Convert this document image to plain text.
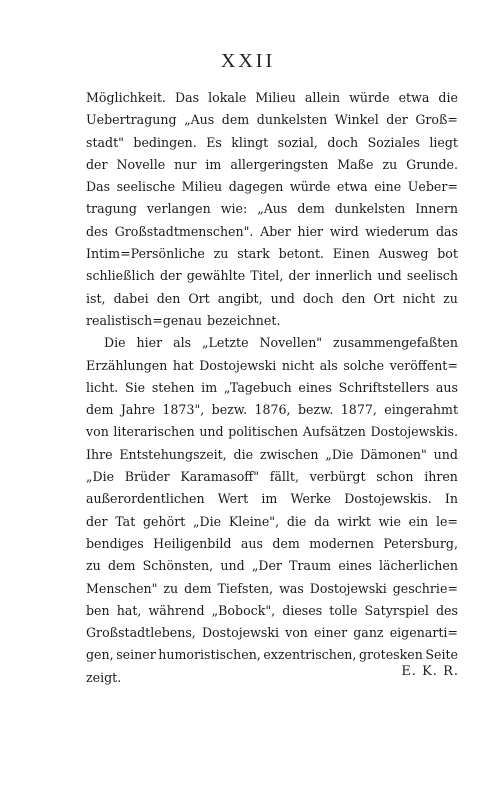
XXII
Möglichkeit. Das lokale Milieu allein würde etwa die
Uebertragung „Aus dem dunkelsten Winkel der Groß=
stadt" bedingen. Es klingt sozial, doch Soziales liegt
der Novelle nur im allergeringsten Maße zu Grunde.
Das seelische Milieu dagegen würde etwa eine Ueber=
tragung verlangen wie: „Aus dem dunkelsten Innern
des Großstadtmenschen". Aber hier wird wiederum das
Intim=Persönliche zu stark betont. Einen Ausweg bot
schließlich der gewählte Titel, der innerlich und seelisch
ist, dabei den Ort angibt, und doch den Ort nicht zu
realistisch=genau bezeichnet.
Die hier als „Letzte Novellen" zusammengefaßten
Erzählungen hat Dostojewski nicht als solche veröffent=
licht. Sie stehen im „Tagebuch eines Schriftstellers aus
dem Jahre 1873", bezw. 1876, bezw. 1877, eingerahmt
von literarischen und politischen Aufsätzen Dostojewskis.
Ihre Entstehungszeit, die zwischen „Die Dämonen" und
„Die Brüder Karamasoff" fällt, verbürgt schon ihren
außerordentlichen Wert im Werke Dostojewskis. In
der Tat gehört „Die Kleine", die da wirkt wie ein le=
bendiges Heiligenbild aus dem modernen Petersburg,
zu dem Schönsten, und „Der Traum eines lächerlichen
Menschen" zu dem Tiefsten, was Dostojewski geschrie=
ben hat, während „Bobock", dieses tolle Satyrspiel des
Großstadtlebens, Dostojewski von einer ganz eigenarti=
gen, seiner humoristischen, exzentrischen, grotesken Seite
zeigt.	E. K. R.
